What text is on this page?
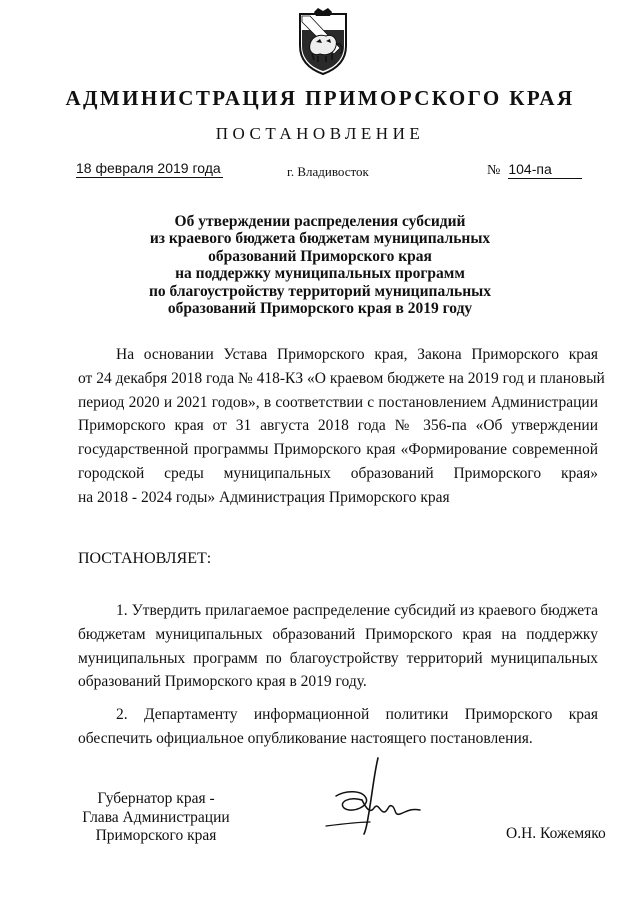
АДМИНИСТРАЦИЯ ПРИМОРСКОГО КРАЯ
ПОСТАНОВЛЕНИЕ
18 февраля 2019 года	г. Владивосток	№ 104-па
Об утверждении распределения субсидий
из краевого бюджета бюджетам муниципальных
образований Приморского края
на поддержку муниципальных программ
по благоустройству территорий муниципальных
образований Приморского края в 2019 году
На основании Устава Приморского края, Закона Приморского края
от 24 декабря 2018 года № 418-КЗ «О краевом бюджете на 2019 год и плановый
период 2020 и 2021 годов», в соответствии с постановлением Администрации
Приморского края от 31 августа 2018 года № 356-па «Об утверждении
государственной программы Приморского края «Формирование современной
городской среды муниципальных образований Приморского края»
на 2018 - 2024 годы» Администрация Приморского края
ПОСТАНОВЛЯЕТ:
1. Утвердить прилагаемое распределение субсидий из краевого бюджета
бюджетам муниципальных образований Приморского края на поддержку
муниципальных программ по благоустройству территорий муниципальных
образований Приморского края в 2019 году.
2. Департаменту информационной политики Приморского края
обеспечить официальное опубликование настоящего постановления.
Губернатор края -
Глава Администрации
Приморского края	О.Н. Кожемяко
